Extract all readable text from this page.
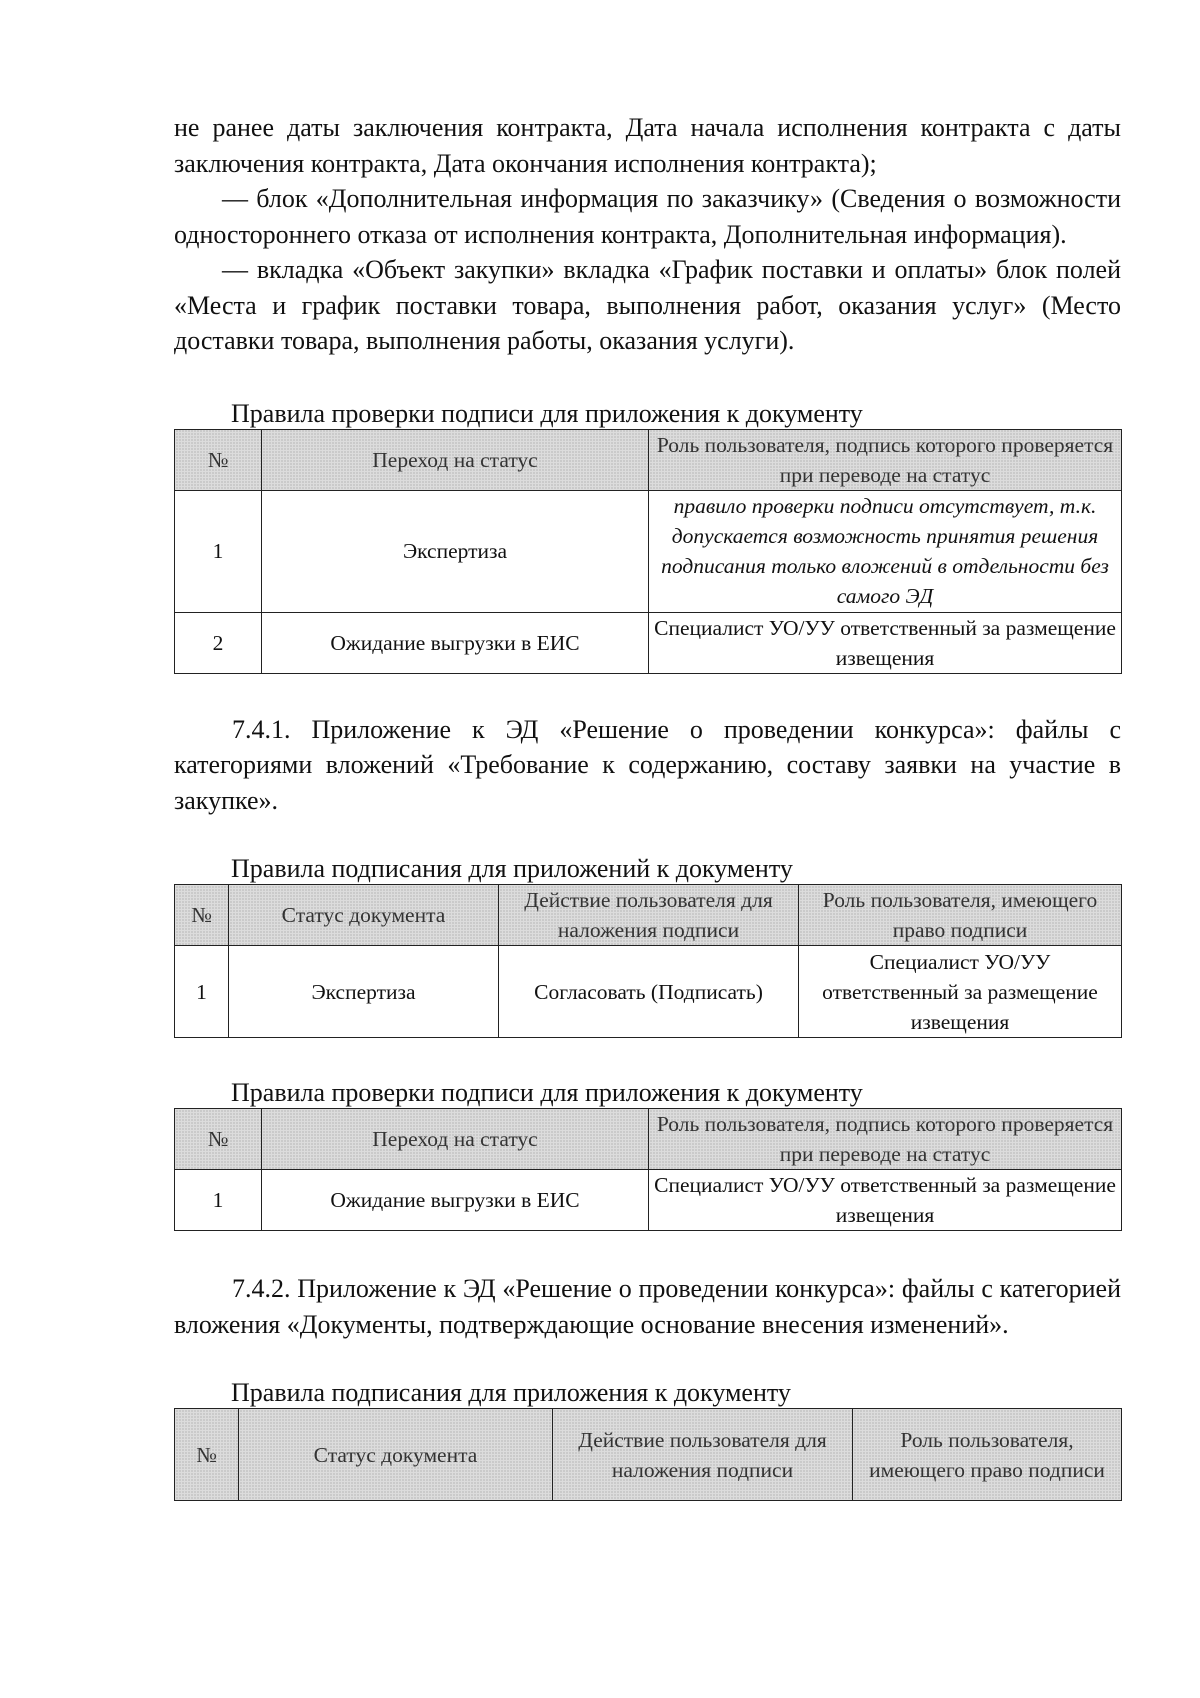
не ранее даты заключения контракта, Дата начала исполнения контракта с даты заключения контракта, Дата окончания исполнения контракта);

— блок «Дополнительная информация по заказчику» (Сведения о возможности одностороннего отказа от исполнения контракта, Дополнительная информация).

— вкладка «Объект закупки» вкладка «График поставки и оплаты» блок полей «Места и график поставки товара, выполнения работ, оказания услуг» (Место доставки товара, выполнения работы, оказания услуги).

Правила проверки подписи для приложения к документу
№	Переход на статус	Роль пользователя, подпись которого проверяется при переводе на статус
1	Экспертиза	правило проверки подписи отсутствует, т.к. допускается возможность принятия решения подписания только вложений в отдельности без самого ЭД
2	Ожидание выгрузки в ЕИС	Специалист УО/УУ ответственный за размещение извещения

7.4.1. Приложение к ЭД «Решение о проведении конкурса»: файлы с категориями вложений «Требование к содержанию, составу заявки на участие в закупке».

Правила подписания для приложений к документу
№	Статус документа	Действие пользователя для наложения подписи	Роль пользователя, имеющего право подписи
1	Экспертиза	Согласовать (Подписать)	Специалист УО/УУ ответственный за размещение извещения
Правила проверки подписи для приложения к документу
№	Переход на статус	Роль пользователя, подпись которого проверяется при переводе на статус
1	Ожидание выгрузки в ЕИС	Специалист УО/УУ ответственный за размещение извещения

7.4.2. Приложение к ЭД «Решение о проведении конкурса»: файлы с категорией вложения «Документы, подтверждающие основание внесения изменений».

Правила подписания для приложения к документу
№	Статус документа	Действие пользователя для наложения подписи	Роль пользователя, имеющего право подписи
